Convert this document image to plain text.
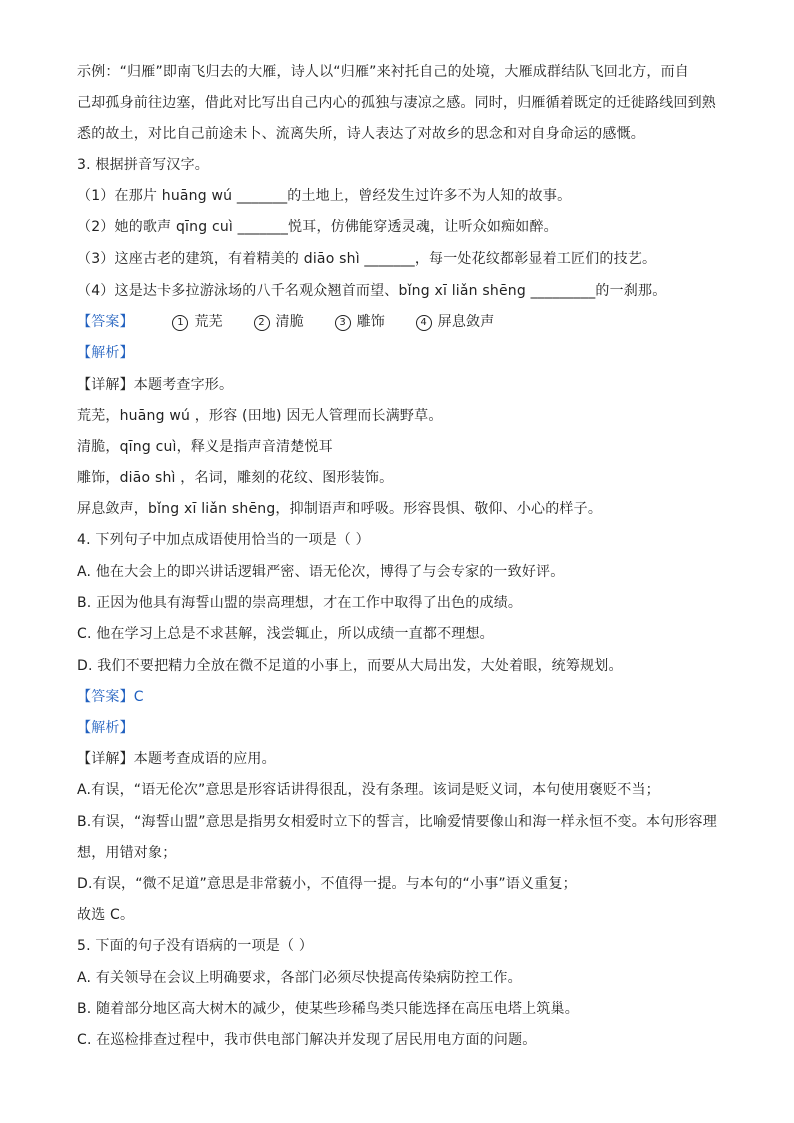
示例：“归雁”即南飞归去的大雁，诗人以“归雁”来衬托自己的处境，大雁成群结队飞回北方，而自
己却孤身前往边塞，借此对比写出自己内心的孤独与凄凉之感。同时，归雁循着既定的迁徙路线回到熟
悉的故土，对比自己前途未卜、流离失所，诗人表达了对故乡的思念和对自身命运的感慨。
3. 根据拼音写汉字。
（1）在那片 huāng wú _______的土地上，曾经发生过许多不为人知的故事。
（2）她的歌声 qīng cuì _______悦耳，仿佛能穿透灵魂，让听众如痴如醉。
（3）这座古老的建筑，有着精美的 diāo shì _______，每一处花纹都彰显着工匠们的技艺。
（4）这是达卡多拉游泳场的八千名观众翘首而望、bǐng xī liǎn shēng _________的一刹那。
【答案】	1 荒芜	2 清脆	3 雕饰	4 屏息敛声
【解析】
【详解】本题考查字形。
荒芜，huāng wú ，形容 (田地) 因无人管理而长满野草。
清脆，qīng cuì，释义是指声音清楚悦耳
雕饰，diāo shì ，名词，雕刻的花纹、图形装饰。
屏息敛声，bǐng xī liǎn shēng，抑制语声和呼吸。形容畏惧、敬仰、小心的样子。
4. 下列句子中加点成语使用恰当的一项是（ ）
A. 他在大会上的即兴讲话逻辑严密、语无伦次，博得了与会专家的一致好评。
B. 正因为他具有海誓山盟的崇高理想，才在工作中取得了出色的成绩。
C. 他在学习上总是不求甚解，浅尝辄止，所以成绩一直都不理想。
D. 我们不要把精力全放在微不足道的小事上，而要从大局出发，大处着眼，统筹规划。
【答案】C
【解析】
【详解】本题考查成语的应用。
A.有误，“语无伦次”意思是形容话讲得很乱，没有条理。该词是贬义词，本句使用褒贬不当；
B.有误，“海誓山盟”意思是指男女相爱时立下的誓言，比喻爱情要像山和海一样永恒不变。本句形容理
想，用错对象；
D.有误，“微不足道”意思是非常藐小，不值得一提。与本句的“小事”语义重复；
故选 C。
5. 下面的句子没有语病的一项是（ ）
A. 有关领导在会议上明确要求，各部门必须尽快提高传染病防控工作。
B. 随着部分地区高大树木的减少，使某些珍稀鸟类只能选择在高压电塔上筑巢。
C. 在巡检排查过程中，我市供电部门解决并发现了居民用电方面的问题。
